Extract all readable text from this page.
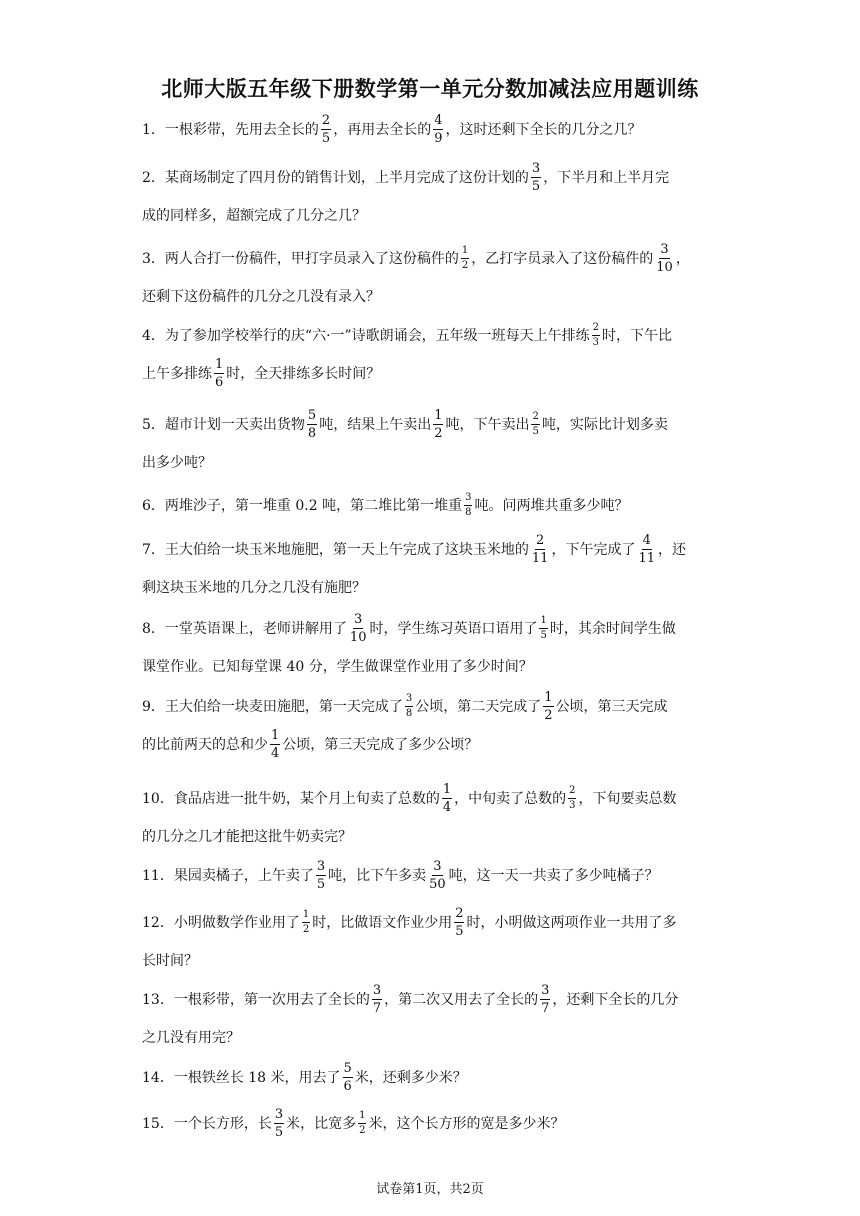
北师大版五年级下册数学第一单元分数加减法应用题训练
1．一根彩带，先用去全长的 $\frac{2}{5}$ ，再用去全长的 $\frac{4}{9}$ ，这时还剩下全长的几分之几？
2．某商场制定了四月份的销售计划，上半月完成了这份计划的 $\frac{3}{5}$ ，下半月和上半月完
成的同样多，超额完成了几分之几？
3．两人合打一份稿件，甲打字员录入了这份稿件的 $\frac{1}{2}$ ，乙打字员录入了这份稿件的 $\frac{3}{10}$ ，
还剩下这份稿件的几分之几没有录入？
4．为了参加学校举行的庆“六·一”诗歌朗诵会，五年级一班每天上午排练 $\frac{2}{3}$ 时，下午比
上午多排练 $\frac{1}{6}$ 时，全天排练多长时间？
5．超市计划一天卖出货物 $\frac{5}{8}$ 吨，结果上午卖出 $\frac{1}{2}$ 吨，下午卖出 $\frac{2}{5}$ 吨，实际比计划多卖
出多少吨？
6．两堆沙子，第一堆重 0.2 吨，第二堆比第一堆重 $\frac{3}{8}$ 吨。问两堆共重多少吨？
7．王大伯给一块玉米地施肥，第一天上午完成了这块玉米地的 $\frac{2}{11}$ ，下午完成了 $\frac{4}{11}$ ，还
剩这块玉米地的几分之几没有施肥？
8．一堂英语课上，老师讲解用了 $\frac{3}{10}$ 时，学生练习英语口语用了 $\frac{1}{5}$ 时，其余时间学生做
课堂作业。已知每堂课 40 分，学生做课堂作业用了多少时间？
9．王大伯给一块麦田施肥，第一天完成了 $\frac{3}{8}$ 公顷，第二天完成了 $\frac{1}{2}$ 公顷，第三天完成
的比前两天的总和少 $\frac{1}{4}$ 公顷，第三天完成了多少公顷？
10．食品店进一批牛奶，某个月上旬卖了总数的 $\frac{1}{4}$ ，中旬卖了总数的 $\frac{2}{3}$ ，下旬要卖总数
的几分之几才能把这批牛奶卖完？
11．果园卖橘子，上午卖了 $\frac{3}{5}$ 吨，比下午多卖 $\frac{3}{50}$ 吨，这一天一共卖了多少吨橘子？
12．小明做数学作业用了 $\frac{1}{2}$ 时，比做语文作业少用 $\frac{2}{5}$ 时，小明做这两项作业一共用了多
长时间？
13．一根彩带，第一次用去了全长的 $\frac{3}{7}$ ，第二次又用去了全长的 $\frac{3}{7}$ ，还剩下全长的几分
之几没有用完？
14．一根铁丝长 18 米，用去了 $\frac{5}{6}$ 米，还剩多少米？
15．一个长方形，长 $\frac{3}{5}$ 米，比宽多 $\frac{1}{2}$ 米，这个长方形的宽是多少米？
试卷第1页，共2页
